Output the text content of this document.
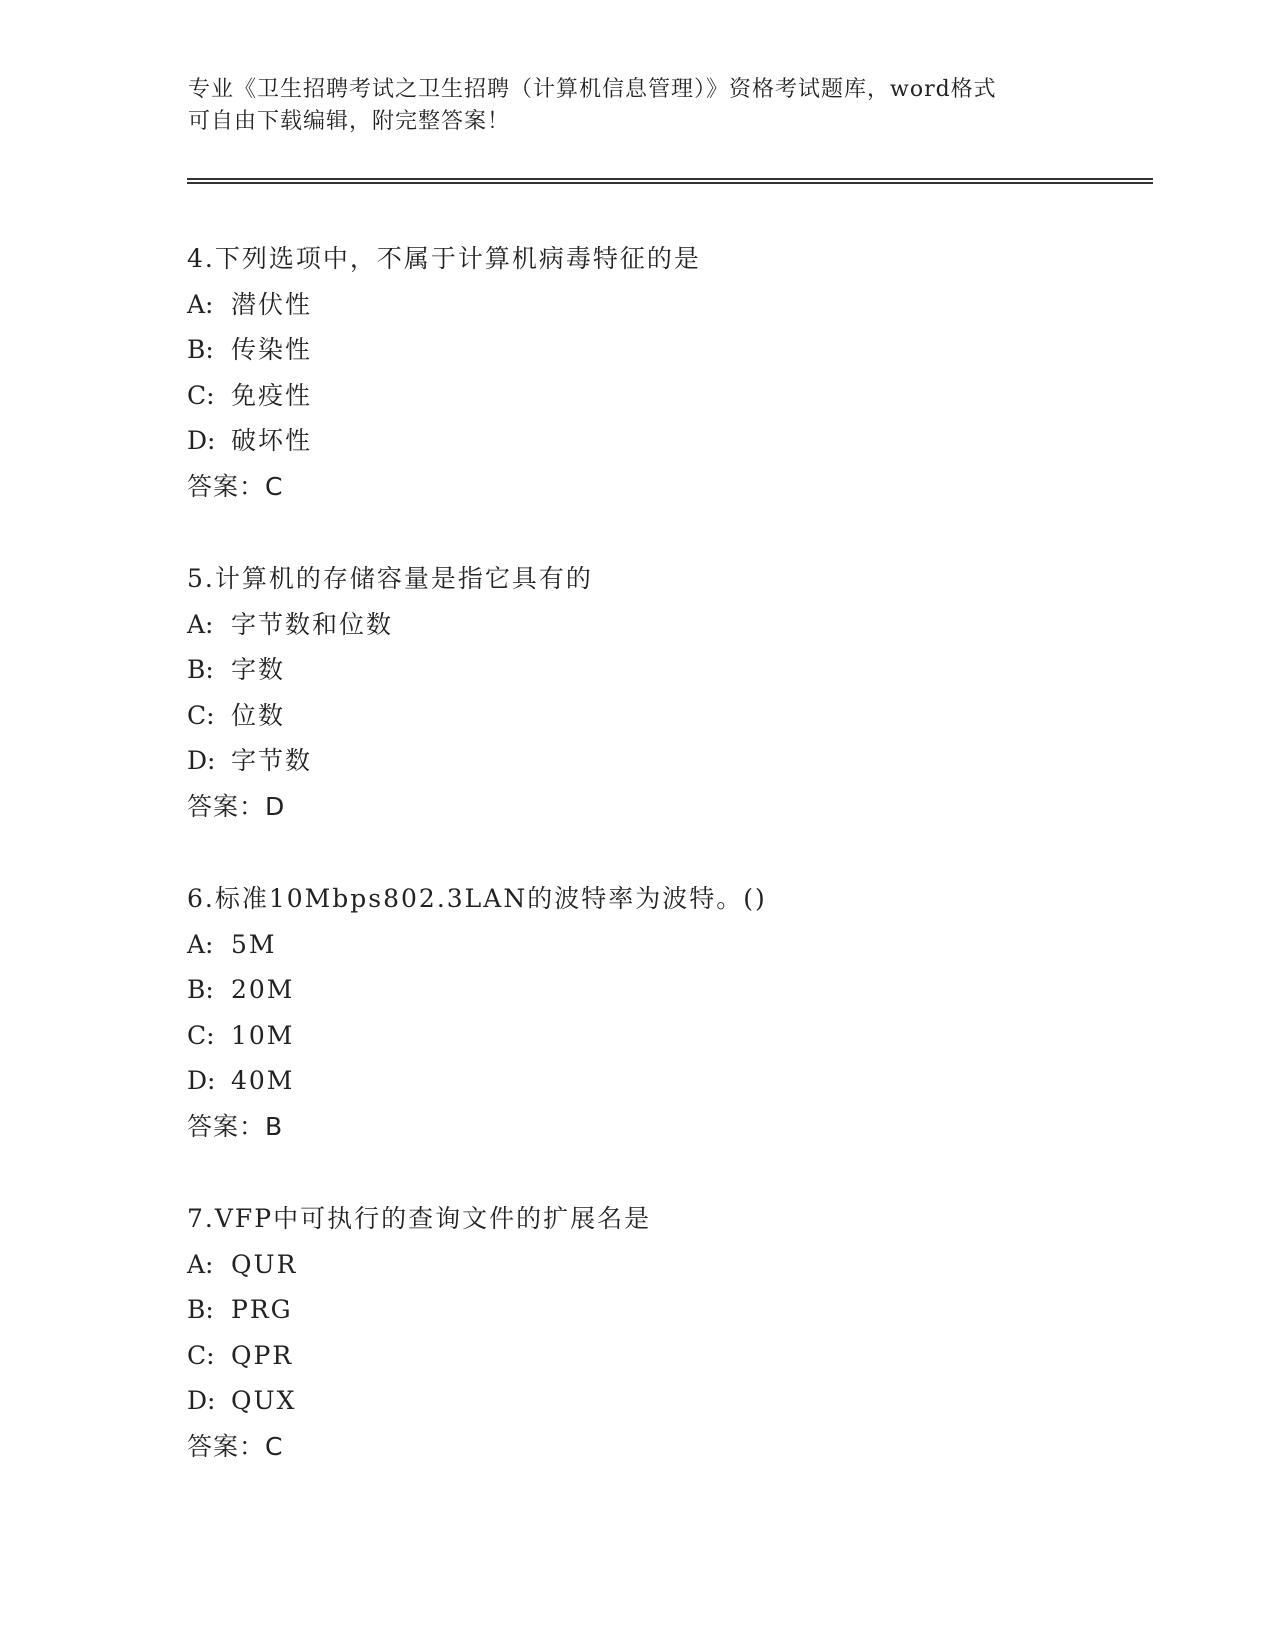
专业《卫生招聘考试之卫生招聘（计算机信息管理）》资格考试题库，word格式
可自由下载编辑，附完整答案！
4.下列选项中，不属于计算机病毒特征的是
A: 潜伏性
B: 传染性
C: 免疫性
D: 破坏性
答案：C
5.计算机的存储容量是指它具有的
A: 字节数和位数
B: 字数
C: 位数
D: 字节数
答案：D
6.标准10Mbps802.3LAN的波特率为波特。()
A: 5M
B: 20M
C: 10M
D: 40M
答案：B
7.VFP中可执行的查询文件的扩展名是
A: QUR
B: PRG
C: QPR
D: QUX
答案：C
